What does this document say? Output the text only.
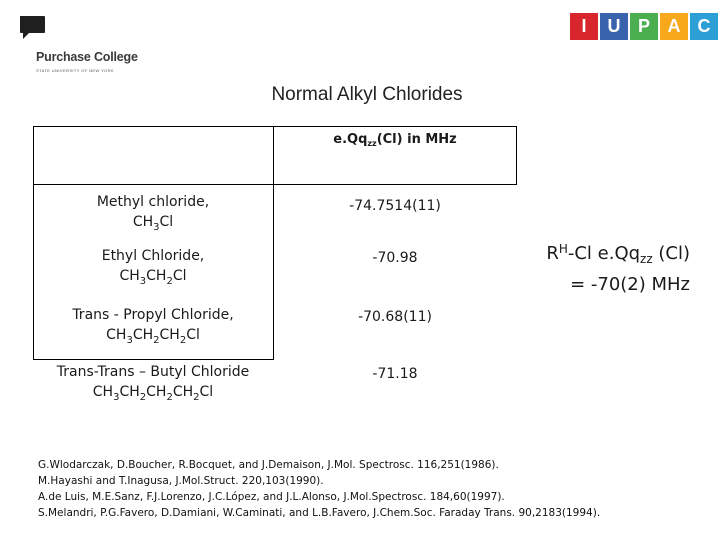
Purchase College
STATE UNIVERSITY OF NEW YORK
I	U P A C
Normal Alkyl Chlorides
$e.Qq_{zz}(Cl)$ in MHz
Methyl chloride,
$CH_3Cl$
-74.7514(11)
Ethyl Chloride,
$CH_3CH_2Cl$
-70.98
Trans - Propyl Chloride,
$CH_3CH_2CH_2Cl$
-70.68(11)
Trans-Trans – Butyl Chloride
$CH_3CH_2CH_2CH_2Cl$
-71.18
$R^H-Cl$ $e.Qq_{zz}$ (Cl)
= -70(2) MHz
G.Wlodarczak, D.Boucher, R.Bocquet, and J.Demaison, J.Mol. Spectrosc. 116,251(1986).
M.Hayashi and T.Inagusa, J.Mol.Struct. 220,103(1990).
A.de Luis, M.E.Sanz, F.J.Lorenzo, J.C.López, and J.L.Alonso, J.Mol.Spectrosc. 184,60(1997).
S.Melandri, P.G.Favero, D.Damiani, W.Caminati, and L.B.Favero, J.Chem.Soc. Faraday Trans. 90,2183(1994).
